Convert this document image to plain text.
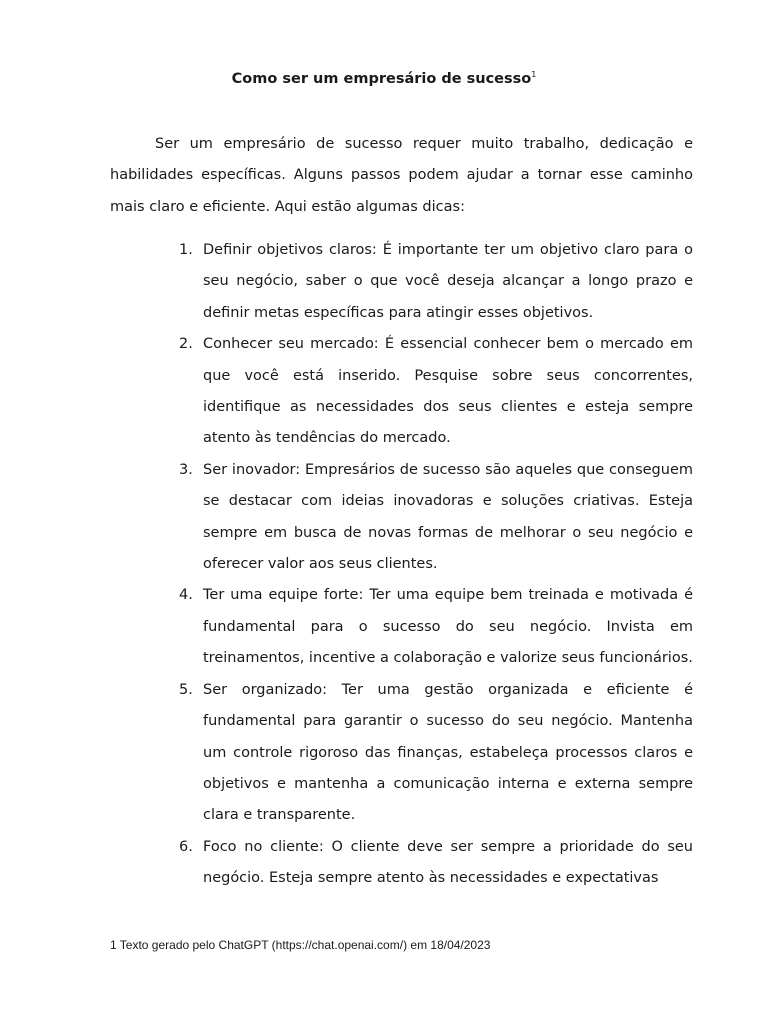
Como ser um empresário de sucesso$^1$

Ser um empresário de sucesso requer muito trabalho, dedicação e habilidades específicas. Alguns passos podem ajudar a tornar esse caminho mais claro e eficiente. Aqui estão algumas dicas:

1. Definir objetivos claros: É importante ter um objetivo claro para o seu negócio, saber o que você deseja alcançar a longo prazo e definir metas específicas para atingir esses objetivos.
2. Conhecer seu mercado: É essencial conhecer bem o mercado em que você está inserido. Pesquise sobre seus concorrentes, identifique as necessidades dos seus clientes e esteja sempre atento às tendências do mercado.
3. Ser inovador: Empresários de sucesso são aqueles que conseguem se destacar com ideias inovadoras e soluções criativas. Esteja sempre em busca de novas formas de melhorar o seu negócio e oferecer valor aos seus clientes.
4. Ter uma equipe forte: Ter uma equipe bem treinada e motivada é fundamental para o sucesso do seu negócio. Invista em treinamentos, incentive a colaboração e valorize seus funcionários.
5. Ser organizado: Ter uma gestão organizada e eficiente é fundamental para garantir o sucesso do seu negócio. Mantenha um controle rigoroso das finanças, estabeleça processos claros e objetivos e mantenha a comunicação interna e externa sempre clara e transparente.
6. Foco no cliente: O cliente deve ser sempre a prioridade do seu negócio. Esteja sempre atento às necessidades e expectativas

1 Texto gerado pelo ChatGPT (https://chat.openai.com/) em 18/04/2023
